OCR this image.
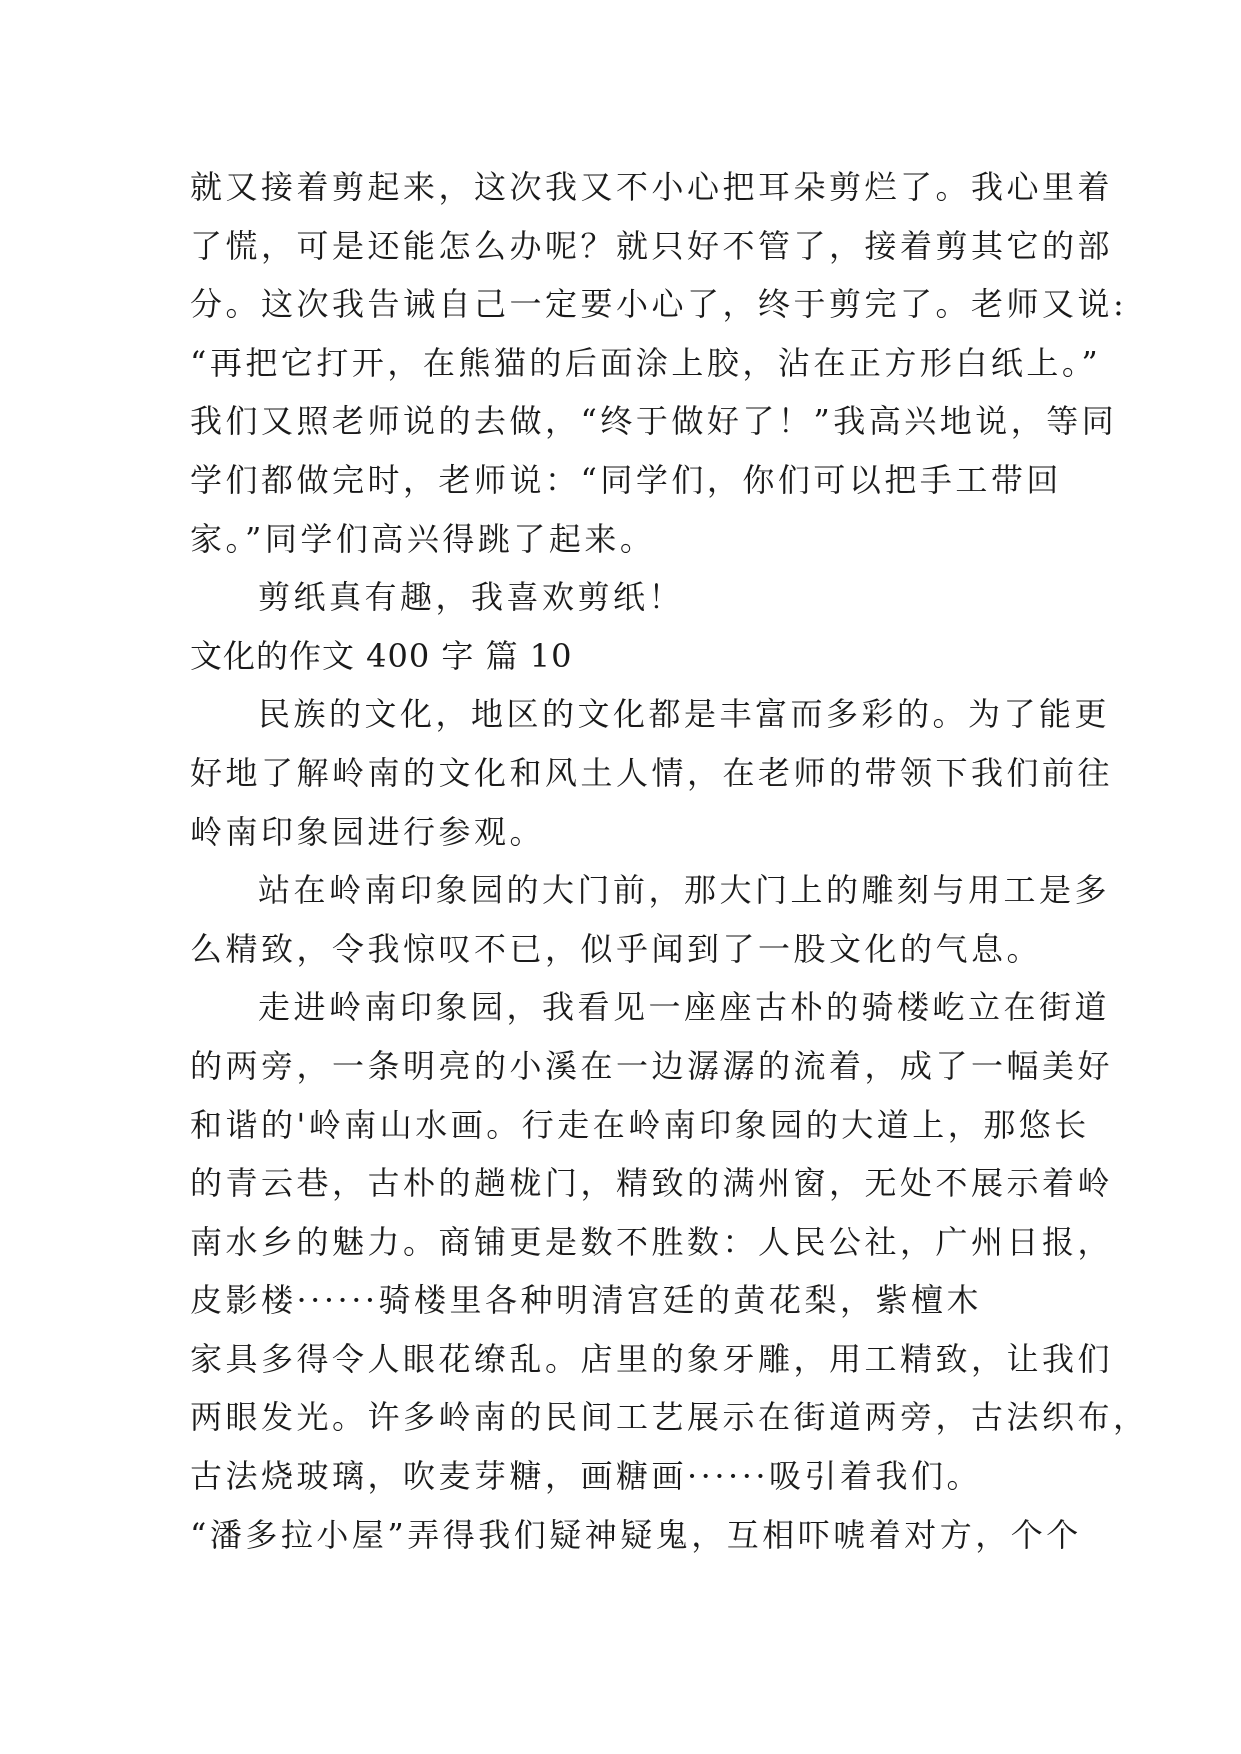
就又接着剪起来，这次我又不小心把耳朵剪烂了。我心里着
了慌，可是还能怎么办呢？就只好不管了，接着剪其它的部
分。这次我告诫自己一定要小心了，终于剪完了。老师又说:
“再把它打开，在熊猫的后面涂上胶，沾在正方形白纸上。”
我们又照老师说的去做，“终于做好了！”我高兴地说，等同
学们都做完时，老师说：“同学们，你们可以把手工带回
家。”同学们高兴得跳了起来。
剪纸真有趣，我喜欢剪纸！
文化的作文 400 字 篇 10
民族的文化，地区的文化都是丰富而多彩的。为了能更
好地了解岭南的文化和风土人情，在老师的带领下我们前往
岭南印象园进行参观。
站在岭南印象园的大门前，那大门上的雕刻与用工是多
么精致，令我惊叹不已，似乎闻到了一股文化的气息。
走进岭南印象园，我看见一座座古朴的骑楼屹立在街道
的两旁，一条明亮的小溪在一边潺潺的流着，成了一幅美好
和谐的'岭南山水画。行走在岭南印象园的大道上，那悠长
的青云巷，古朴的趟栊门，精致的满州窗，无处不展示着岭
南水乡的魅力。商铺更是数不胜数：人民公社，广州日报，
皮影楼······骑楼里各种明清宫廷的黄花梨，紫檀木
家具多得令人眼花缭乱。店里的象牙雕，用工精致，让我们
两眼发光。许多岭南的民间工艺展示在街道两旁，古法织布，
古法烧玻璃，吹麦芽糖，画糖画······吸引着我们。
“潘多拉小屋”弄得我们疑神疑鬼，互相吓唬着对方，个个
